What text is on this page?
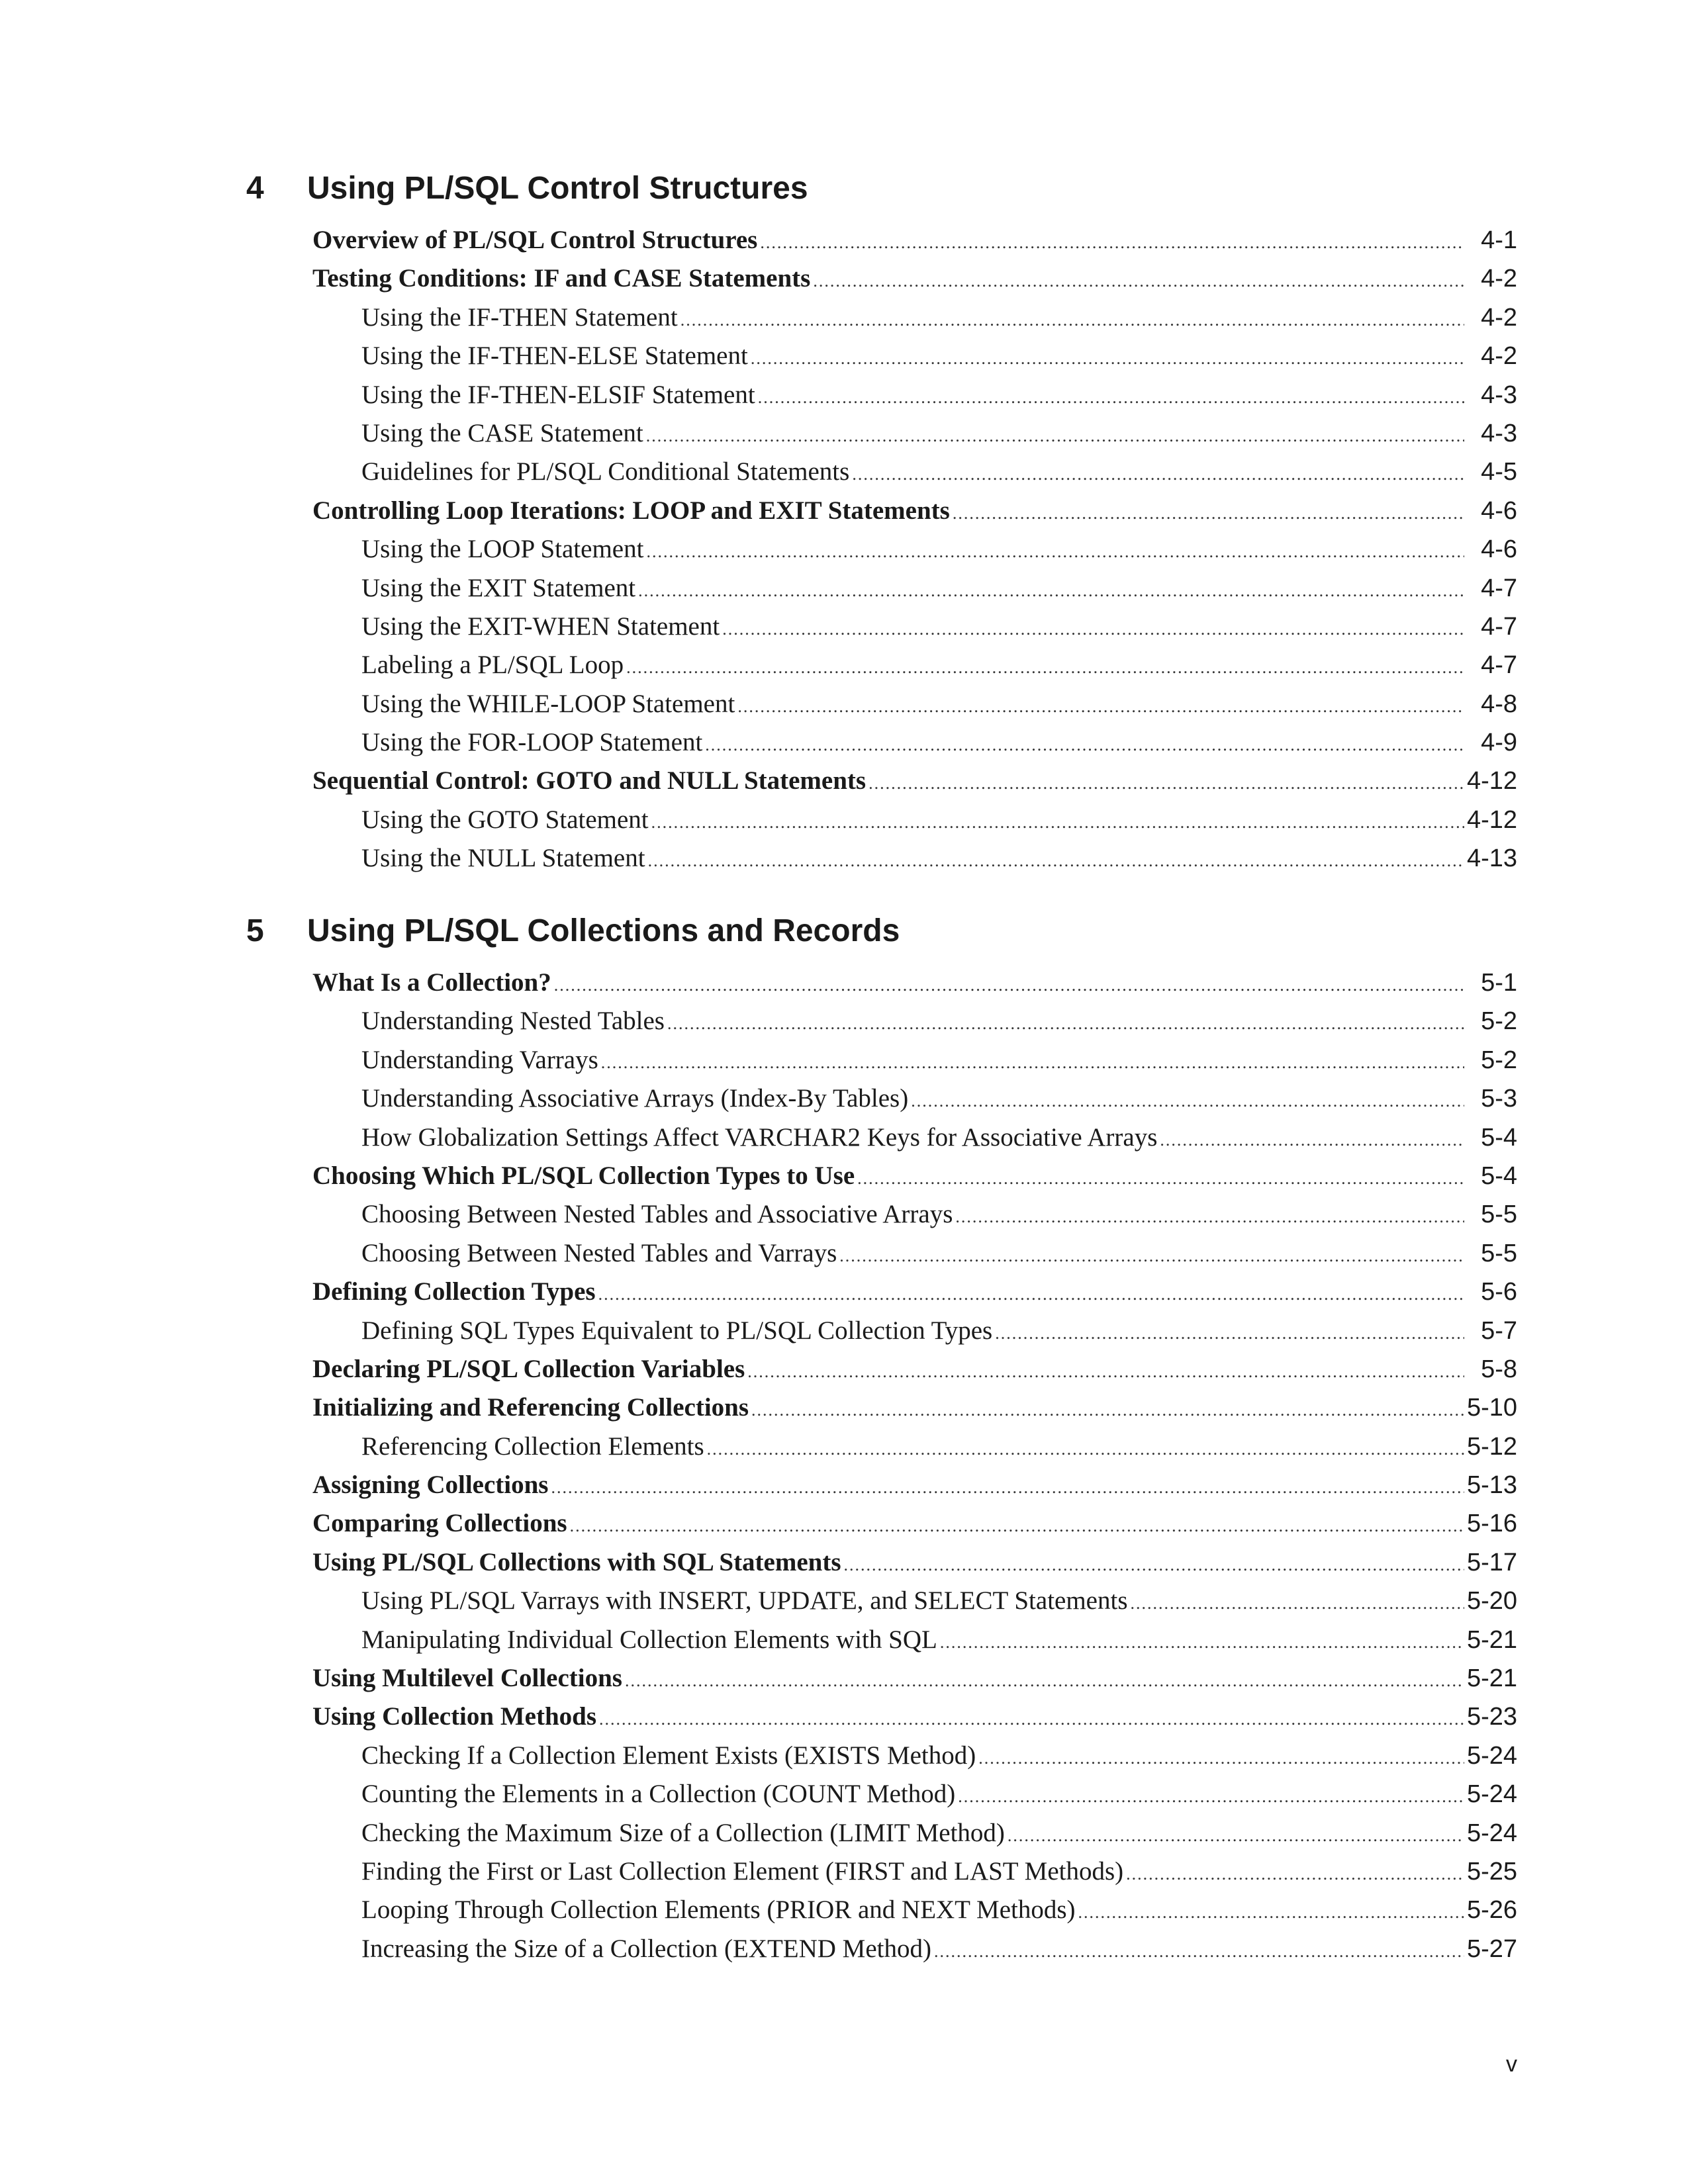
4 Using PL/SQL Control Structures
Overview of PL/SQL Control Structures .....	4-1
Testing Conditions: IF and CASE Statements .....	4-2
Using the IF-THEN Statement .....	4-2
Using the IF-THEN-ELSE Statement .....	4-2
Using the IF-THEN-ELSIF Statement .....	4-3
Using the CASE Statement .....	4-3
Guidelines for PL/SQL Conditional Statements .....	4-5
Controlling Loop Iterations: LOOP and EXIT Statements .....	4-6
Using the LOOP Statement .....	4-6
Using the EXIT Statement .....	4-7
Using the EXIT-WHEN Statement .....	4-7
Labeling a PL/SQL Loop .....	4-7
Using the WHILE-LOOP Statement .....	4-8
Using the FOR-LOOP Statement .....	4-9
Sequential Control: GOTO and NULL Statements .....	4-12
Using the GOTO Statement .....	4-12
Using the NULL Statement .....	4-13
5 Using PL/SQL Collections and Records
What Is a Collection? .....	5-1
Understanding Nested Tables .....	5-2
Understanding Varrays .....	5-2
Understanding Associative Arrays (Index-By Tables) .....	5-3
How Globalization Settings Affect VARCHAR2 Keys for Associative Arrays .....	5-4
Choosing Which PL/SQL Collection Types to Use .....	5-4
Choosing Between Nested Tables and Associative Arrays .....	5-5
Choosing Between Nested Tables and Varrays .....	5-5
Defining Collection Types .....	5-6
Defining SQL Types Equivalent to PL/SQL Collection Types .....	5-7
Declaring PL/SQL Collection Variables .....	5-8
Initializing and Referencing Collections .....	5-10
Referencing Collection Elements .....	5-12
Assigning Collections .....	5-13
Comparing Collections .....	5-16
Using PL/SQL Collections with SQL Statements .....	5-17
Using PL/SQL Varrays with INSERT, UPDATE, and SELECT Statements .....	5-20
Manipulating Individual Collection Elements with SQL .....	5-21
Using Multilevel Collections .....	5-21
Using Collection Methods .....	5-23
Checking If a Collection Element Exists (EXISTS Method) .....	5-24
Counting the Elements in a Collection (COUNT Method) .....	5-24
Checking the Maximum Size of a Collection (LIMIT Method) .....	5-24
Finding the First or Last Collection Element (FIRST and LAST Methods) .....	5-25
Looping Through Collection Elements (PRIOR and NEXT Methods) .....	5-26
Increasing the Size of a Collection (EXTEND Method) .....	5-27
v
